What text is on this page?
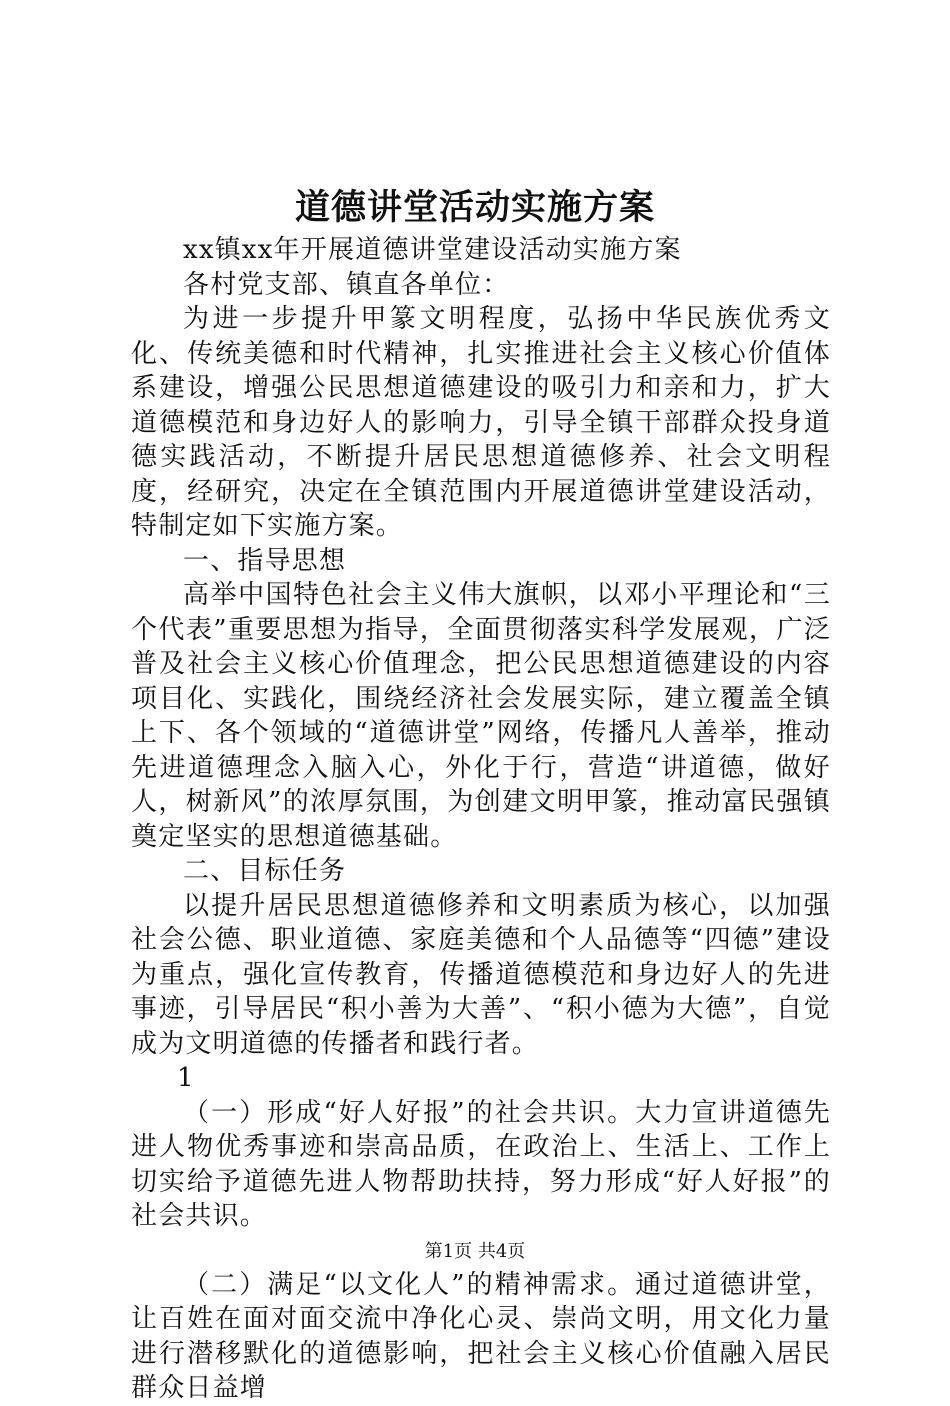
道德讲堂活动实施方案

xx镇xx年开展道德讲堂建设活动实施方案

各村党支部、镇直各单位：

为进一步提升甲篆文明程度，弘扬中华民族优秀文化、传统美德和时代精神，扎实推进社会主义核心价值体系建设，增强公民思想道德建设的吸引力和亲和力，扩大道德模范和身边好人的影响力，引导全镇干部群众投身道德实践活动，不断提升居民思想道德修养、社会文明程度，经研究，决定在全镇范围内开展道德讲堂建设活动，特制定如下实施方案。

一、指导思想

高举中国特色社会主义伟大旗帜，以邓小平理论和“三个代表”重要思想为指导，全面贯彻落实科学发展观，广泛普及社会主义核心价值理念，把公民思想道德建设的内容项目化、实践化，围绕经济社会发展实际，建立覆盖全镇上下、各个领域的“道德讲堂”网络，传播凡人善举，推动先进道德理念入脑入心，外化于行，营造“讲道德，做好人，树新风”的浓厚氛围，为创建文明甲篆，推动富民强镇奠定坚实的思想道德基础。

二、目标任务

以提升居民思想道德修养和文明素质为核心，以加强社会公德、职业道德、家庭美德和个人品德等“四德”建设为重点，强化宣传教育，传播道德模范和身边好人的先进事迹，引导居民“积小善为大善”、“积小德为大德”，自觉成为文明道德的传播者和践行者。

1

（一）形成“好人好报”的社会共识。大力宣讲道德先进人物优秀事迹和崇高品质，在政治上、生活上、工作上切实给予道德先进人物帮助扶持，努力形成“好人好报”的社会共识。

（二）满足“以文化人”的精神需求。通过道德讲堂，让百姓在面对面交流中净化心灵、崇尚文明，用文化力量进行潜移默化的道德影响，把社会主义核心价值融入居民群众日益增

第1页 共4页
